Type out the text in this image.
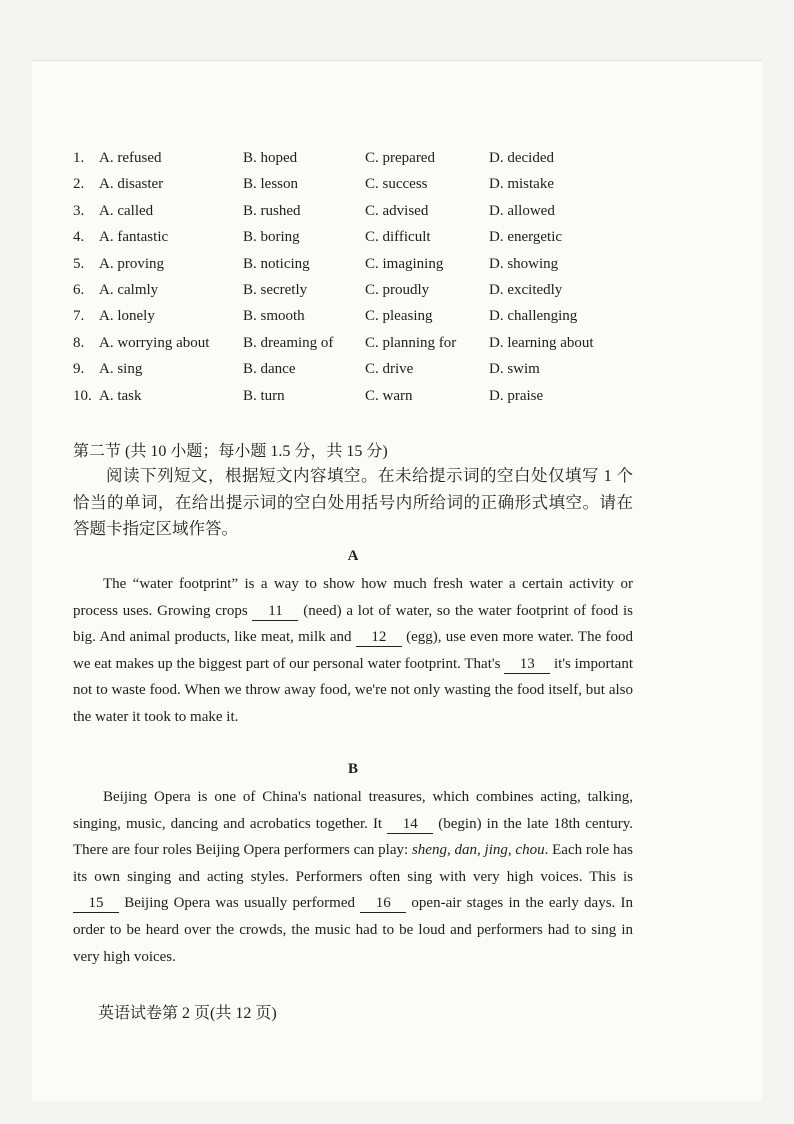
1. A. refused	B. hoped	C. prepared	D. decided
2. A. disaster	B. lesson	C. success	D. mistake
3. A. called	B. rushed	C. advised	D. allowed
4. A. fantastic	B. boring	C. difficult	D. energetic
5. A. proving	B. noticing	C. imagining	D. showing
6. A. calmly	B. secretly	C. proudly	D. excitedly
7. A. lonely	B. smooth	C. pleasing	D. challenging
8. A. worrying about B. dreaming of C. planning for D. learning about
9. A. sing	B. dance	C. drive	D. swim
10. A. task	B. turn	C. warn	D. praise
第二节 (共 10 小题；每小题 1.5 分，共 15 分)

阅读下列短文，根据短文内容填空。在未给提示词的空白处仅填写 1 个恰当的单词，在给出提示词的空白处用括号内所给词的正确形式填空。请在答题卡指定区域作答。

A

The “water footprint” is a way to show how much fresh water a certain activity or process uses. Growing crops 11 (need) a lot of water, so the water footprint of food is big. And animal products, like meat, milk and 12 (egg), use even more water. The food we eat makes up the biggest part of our personal water footprint. That's 13 it's important not to waste food. When we throw away food, we're not only wasting the food itself, but also the water it took to make it.

B

Beijing Opera is one of China's national treasures, which combines acting, talking, singing, music, dancing and acrobatics together. It 14 (begin) in the late 18th century. There are four roles Beijing Opera performers can play: sheng, dan, jing, chou. Each role has its own singing and acting styles. Performers often sing with very high voices. This is 15 Beijing Opera was usually performed 16 open-air stages in the early days. In order to be heard over the crowds, the music had to be loud and performers had to sing in very high voices.

英语试卷第 2 页(共 12 页)
